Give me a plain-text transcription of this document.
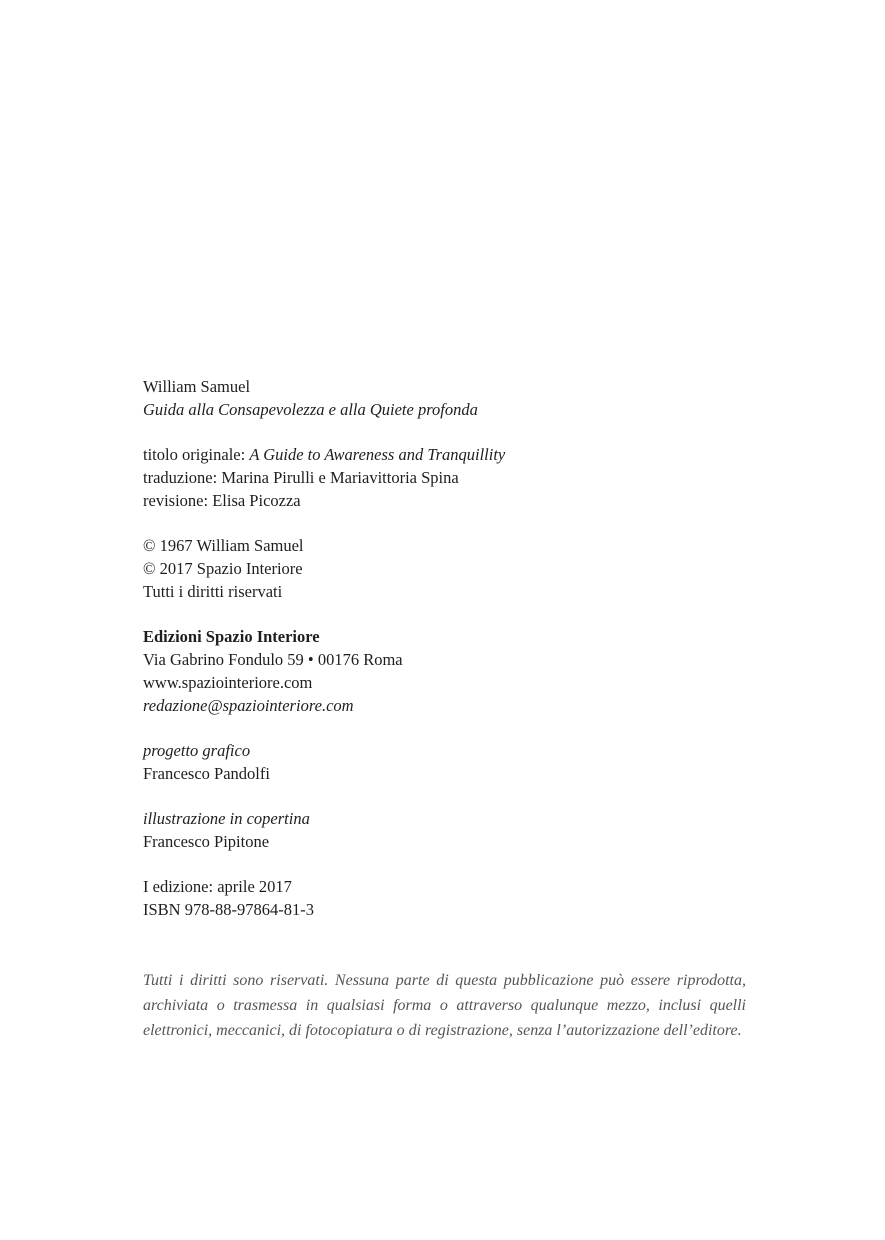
William Samuel
Guida alla Consapevolezza e alla Quiete profonda
titolo originale: A Guide to Awareness and Tranquillity
traduzione: Marina Pirulli e Mariavittoria Spina
revisione: Elisa Picozza
© 1967 William Samuel
© 2017 Spazio Interiore
Tutti i diritti riservati
Edizioni Spazio Interiore
Via Gabrino Fondulo 59 • 00176 Roma
www.spaziointeriore.com
redazione@spaziointeriore.com
progetto grafico
Francesco Pandolfi
illustrazione in copertina
Francesco Pipitone
I edizione: aprile 2017
ISBN 978-88-97864-81-3
Tutti i diritti sono riservati. Nessuna parte di questa pubblicazione può essere riprodotta, archiviata o trasmessa in qualsiasi forma o attraverso qualunque mezzo, inclusi quelli elettronici, meccanici, di fotocopiatura o di registrazione, senza l’autorizzazione dell’editore.
